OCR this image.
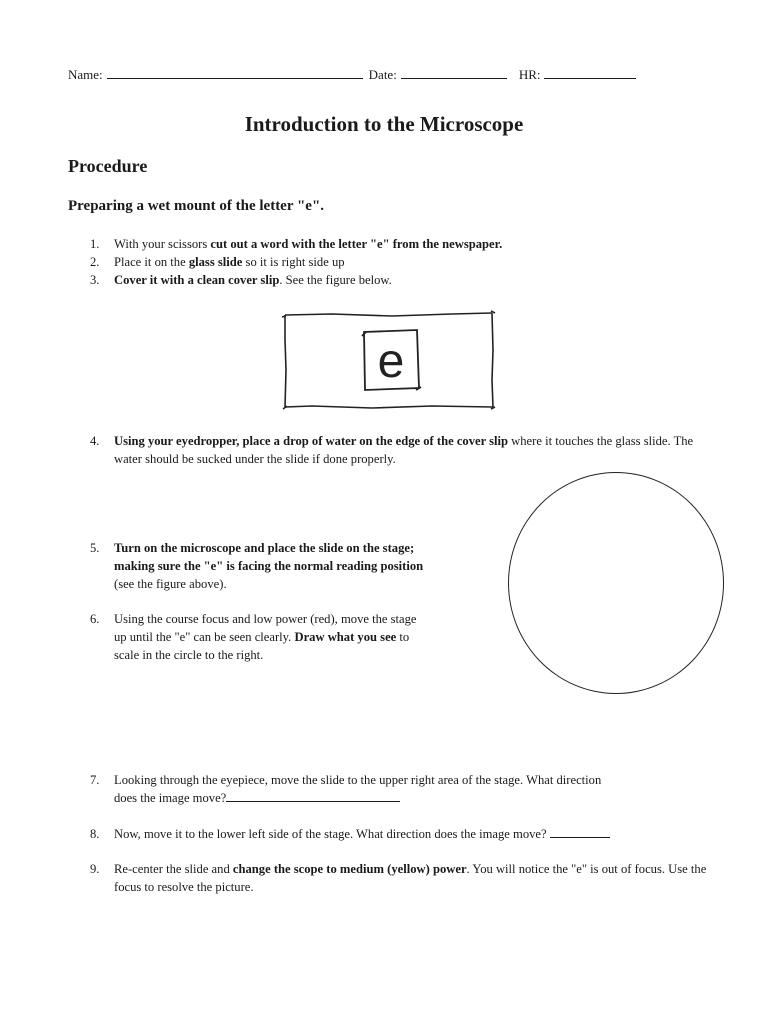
Name:	Date:	HR:
Introduction to the Microscope
Procedure
Preparing a wet mount of the letter "e".
1.	With your scissors cut out a word with the letter "e" from the newspaper.
2.	Place it on the glass slide so it is right side up
3.	Cover it with a clean cover slip. See the figure below.
e
4.	Using your eyedropper, place a drop of water on the edge of the cover slip where it touches the glass slide. The water should be sucked under the slide if done properly.
5.	Turn on the microscope and place the slide on the stage;
making sure the "e" is facing the normal reading position
(see the figure above).
6.	Using the course focus and low power (red), move the stage
up until the "e" can be seen clearly. Draw what you see to
scale in the circle to the right.
7.	Looking through the eyepiece, move the slide to the upper right area of the stage. What direction
does the image move?
8.	Now, move it to the lower left side of the stage. What direction does the image move?
9.	Re-center the slide and change the scope to medium (yellow) power. You will notice the "e" is out of focus. Use the focus to resolve the picture.
